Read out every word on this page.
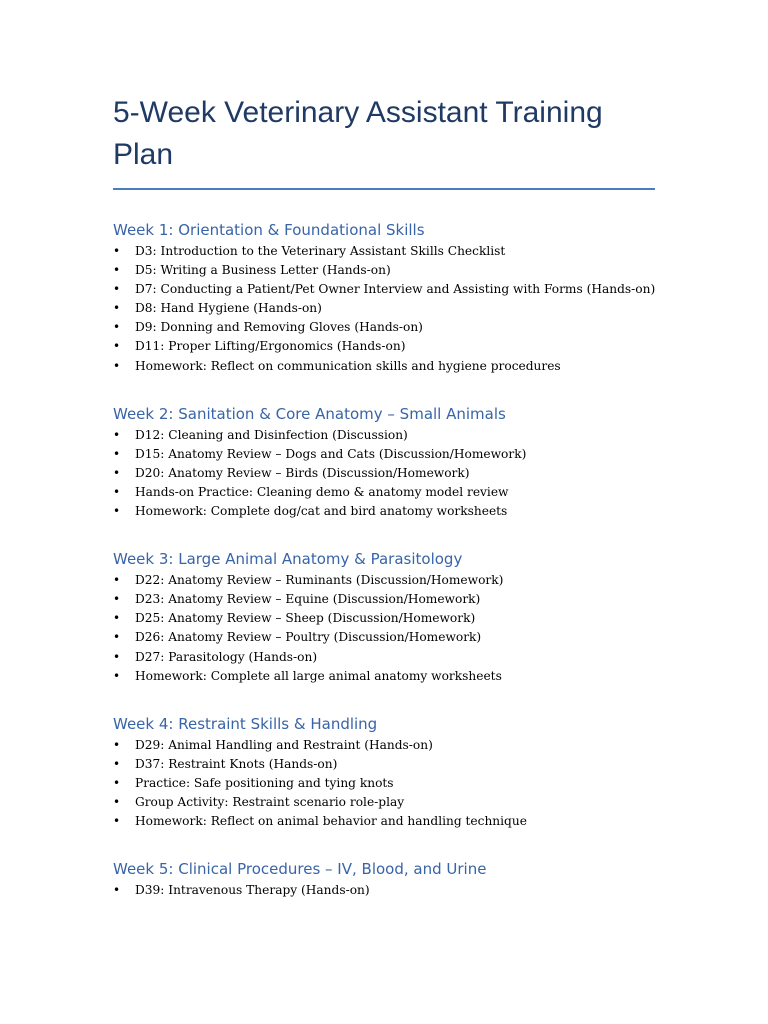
5-Week Veterinary Assistant Training Plan
Week 1: Orientation & Foundational Skills
• D3: Introduction to the Veterinary Assistant Skills Checklist
• D5: Writing a Business Letter (Hands-on)
• D7: Conducting a Patient/Pet Owner Interview and Assisting with Forms (Hands-on)
• D8: Hand Hygiene (Hands-on)
• D9: Donning and Removing Gloves (Hands-on)
• D11: Proper Lifting/Ergonomics (Hands-on)
• Homework: Reflect on communication skills and hygiene procedures
Week 2: Sanitation & Core Anatomy – Small Animals
• D12: Cleaning and Disinfection (Discussion)
• D15: Anatomy Review – Dogs and Cats (Discussion/Homework)
• D20: Anatomy Review – Birds (Discussion/Homework)
• Hands-on Practice: Cleaning demo & anatomy model review
• Homework: Complete dog/cat and bird anatomy worksheets
Week 3: Large Animal Anatomy & Parasitology
• D22: Anatomy Review – Ruminants (Discussion/Homework)
• D23: Anatomy Review – Equine (Discussion/Homework)
• D25: Anatomy Review – Sheep (Discussion/Homework)
• D26: Anatomy Review – Poultry (Discussion/Homework)
• D27: Parasitology (Hands-on)
• Homework: Complete all large animal anatomy worksheets
Week 4: Restraint Skills & Handling
• D29: Animal Handling and Restraint (Hands-on)
• D37: Restraint Knots (Hands-on)
• Practice: Safe positioning and tying knots
• Group Activity: Restraint scenario role-play
• Homework: Reflect on animal behavior and handling technique
Week 5: Clinical Procedures – IV, Blood, and Urine
• D39: Intravenous Therapy (Hands-on)
